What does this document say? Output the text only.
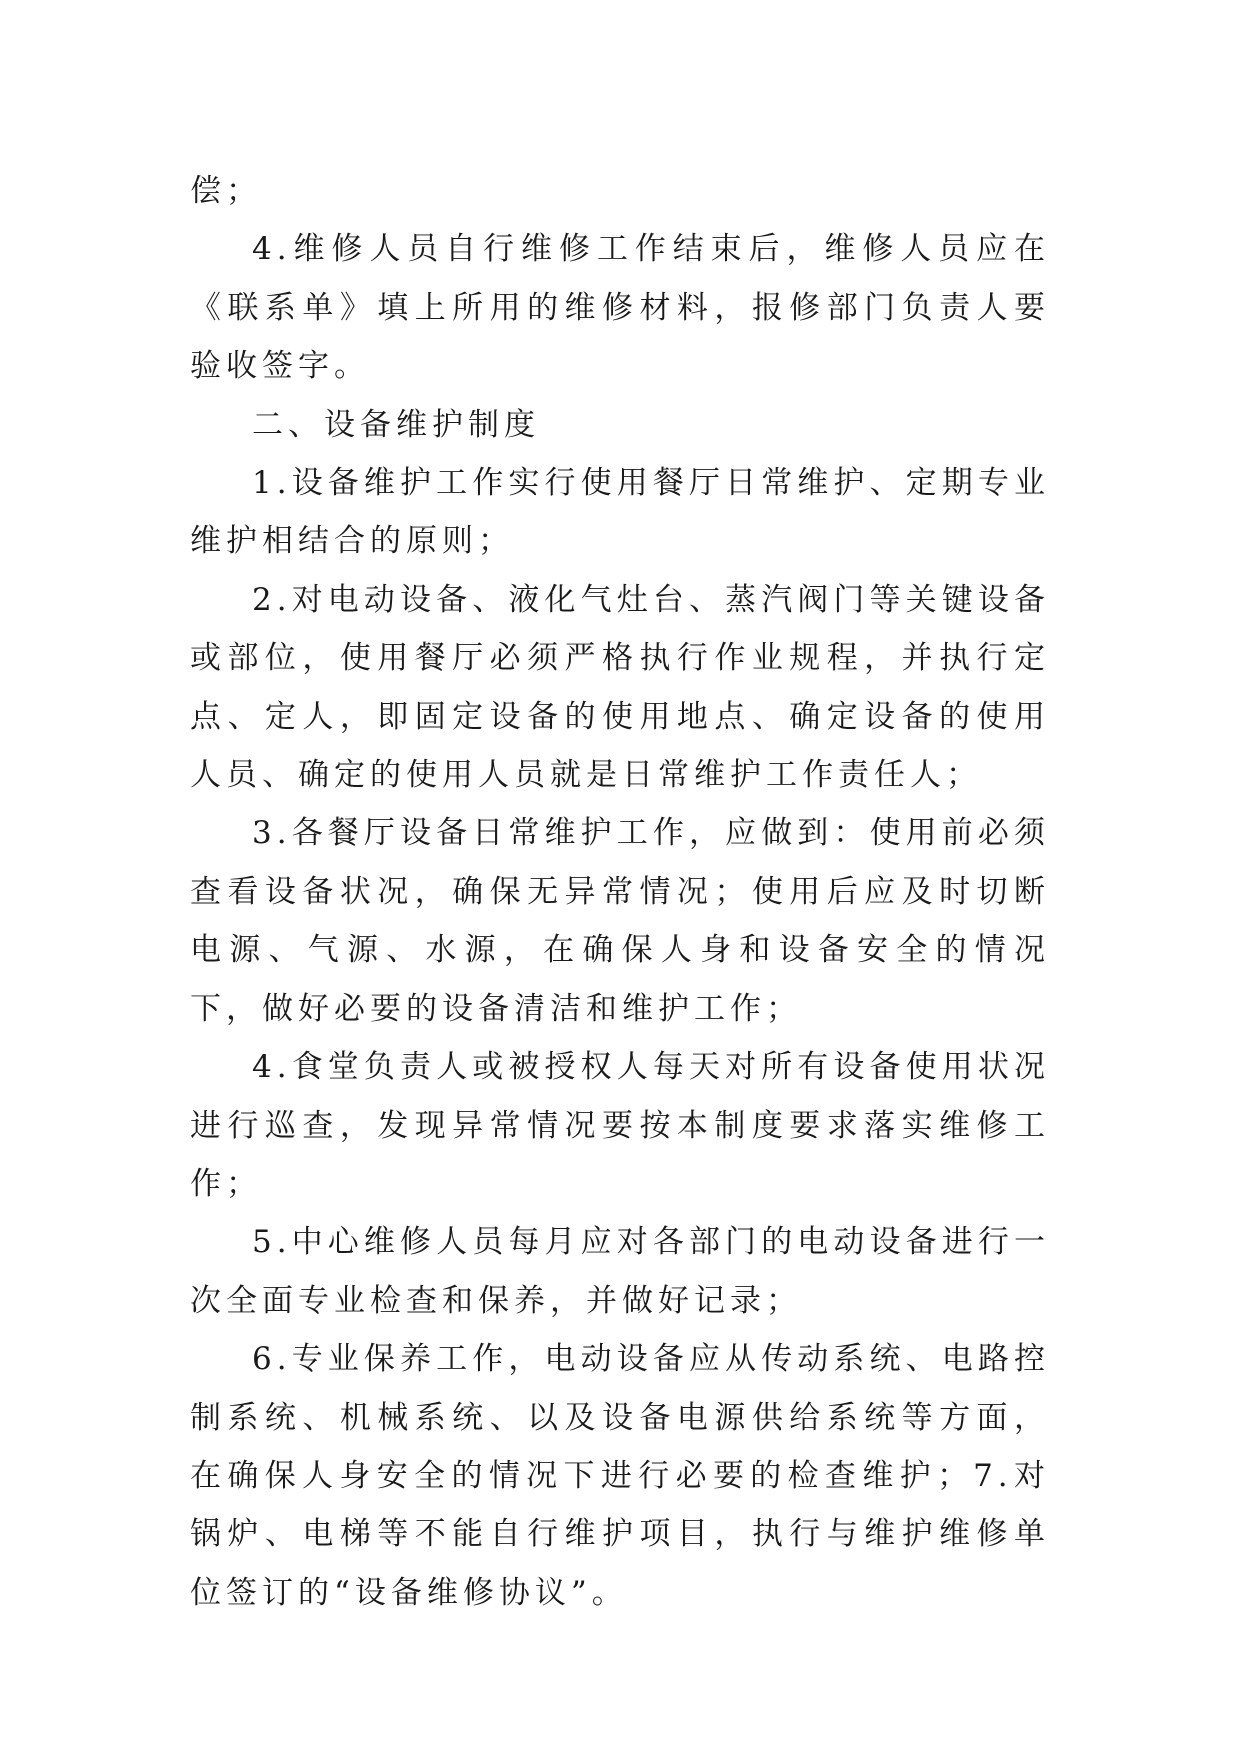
偿；

4.维修人员自行维修工作结束后，维修人员应在《联系单》填上所用的维修材料，报修部门负责人要验收签字。

二、设备维护制度

1.设备维护工作实行使用餐厅日常维护、定期专业维护相结合的原则；

2.对电动设备、液化气灶台、蒸汽阀门等关键设备或部位，使用餐厅必须严格执行作业规程，并执行定点、定人，即固定设备的使用地点、确定设备的使用人员、确定的使用人员就是日常维护工作责任人；

3.各餐厅设备日常维护工作，应做到：使用前必须查看设备状况，确保无异常情况；使用后应及时切断电源、气源、水源，在确保人身和设备安全的情况下，做好必要的设备清洁和维护工作；

4.食堂负责人或被授权人每天对所有设备使用状况进行巡查，发现异常情况要按本制度要求落实维修工作；

5.中心维修人员每月应对各部门的电动设备进行一次全面专业检查和保养，并做好记录；

6.专业保养工作，电动设备应从传动系统、电路控制系统、机械系统、以及设备电源供给系统等方面，在确保人身安全的情况下进行必要的检查维护；7.对锅炉、电梯等不能自行维护项目，执行与维护维修单位签订的“设备维修协议”。
